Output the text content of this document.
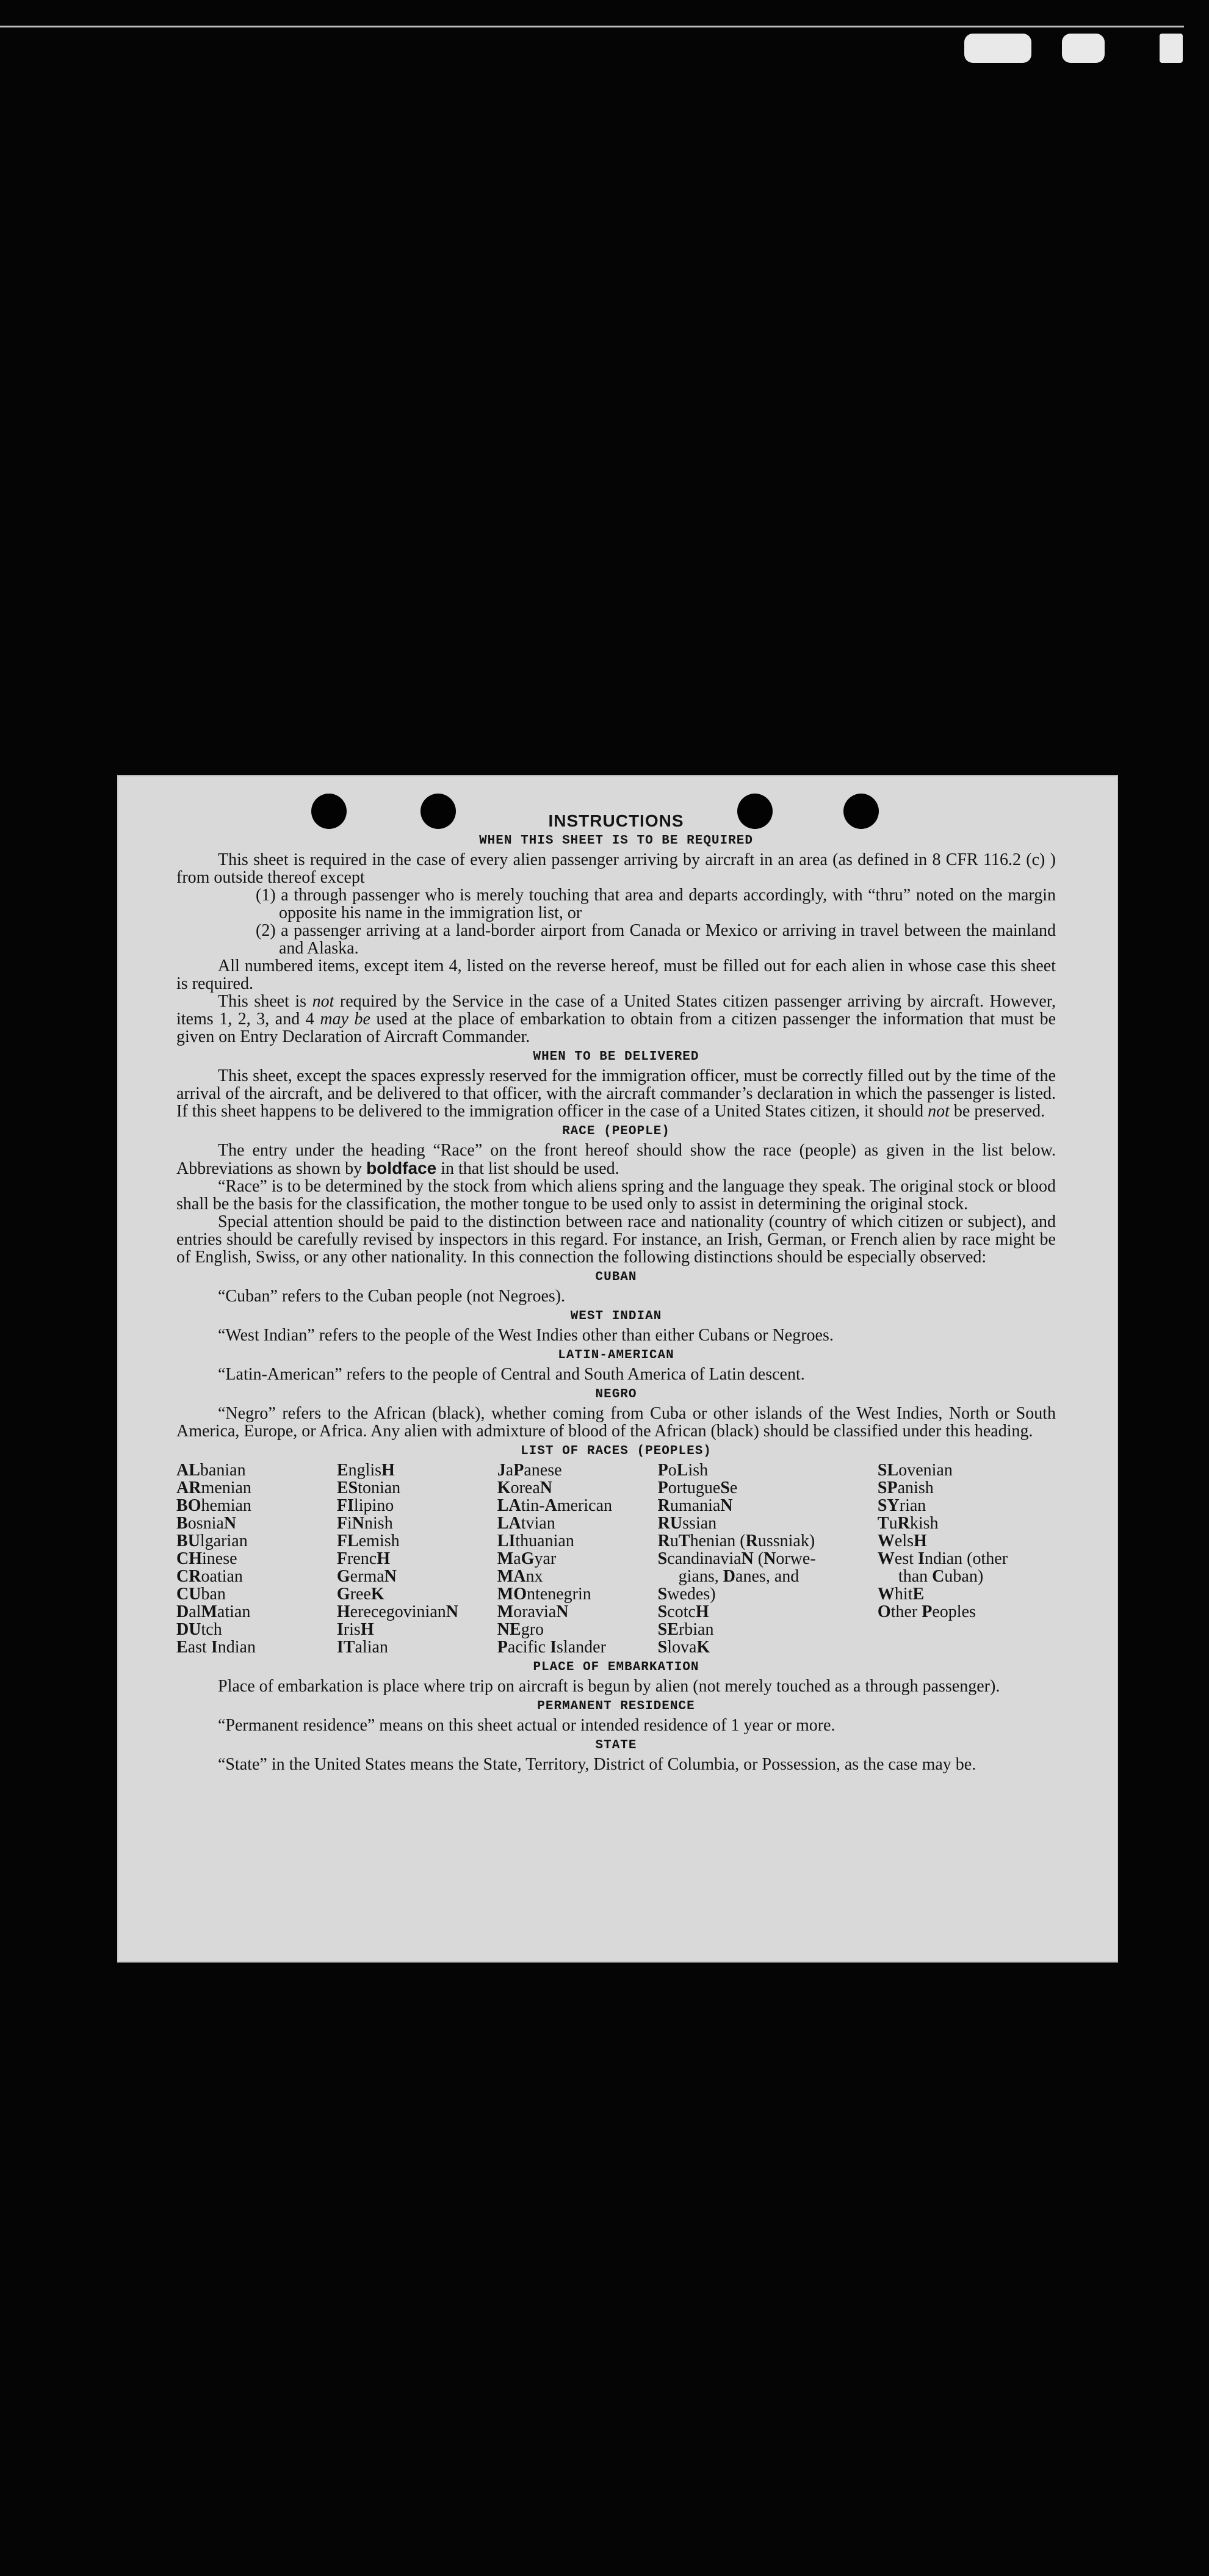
INSTRUCTIONS
WHEN THIS SHEET IS TO BE REQUIRED

This sheet is required in the case of every alien passenger arriving by aircraft in an area (as defined in 8 CFR 116.2 (c) ) from outside thereof except

(1) a through passenger who is merely touching that area and departs accordingly, with “thru” noted on the margin opposite his name in the immigration list, or

(2) a passenger arriving at a land-border airport from Canada or Mexico or arriving in travel between the mainland and Alaska.

All numbered items, except item 4, listed on the reverse hereof, must be filled out for each alien in whose case this sheet is required.

This sheet is not required by the Service in the case of a United States citizen passenger arriving by aircraft. However, items 1, 2, 3, and 4 may be used at the place of embarkation to obtain from a citizen passenger the information that must be given on Entry Declaration of Aircraft Commander.

WHEN TO BE DELIVERED

This sheet, except the spaces expressly reserved for the immigration officer, must be correctly filled out by the time of the arrival of the aircraft, and be delivered to that officer, with the aircraft commander’s declaration in which the passenger is listed. If this sheet happens to be delivered to the immigration officer in the case of a United States citizen, it should not be preserved.

RACE (PEOPLE)

The entry under the heading “Race” on the front hereof should show the race (people) as given in the list below. Abbreviations as shown by boldface in that list should be used.

“Race” is to be determined by the stock from which aliens spring and the language they speak. The original stock or blood shall be the basis for the classification, the mother tongue to be used only to assist in determining the original stock.

Special attention should be paid to the distinction between race and nationality (country of which citizen or subject), and entries should be carefully revised by inspectors in this regard. For instance, an Irish, German, or French alien by race might be of English, Swiss, or any other nationality. In this connection the following distinctions should be especially observed:

CUBAN

“Cuban” refers to the Cuban people (not Negroes).

WEST INDIAN

“West Indian” refers to the people of the West Indies other than either Cubans or Negroes.

LATIN-AMERICAN

“Latin-American” refers to the people of Central and South America of Latin descent.

NEGRO

“Negro” refers to the African (black), whether coming from Cuba or other islands of the West Indies, North or South America, Europe, or Africa. Any alien with admixture of blood of the African (black) should be classified under this heading.

LIST OF RACES (PEOPLES)
ALbanian
ARmenian
BOhemian
BosniaN
BUlgarian
CHinese
CRoatian
CUban
DalMatian
DUtch
East Indian
EnglisH
EStonian
FIlipino
FiNnish
FLemish
FrencH
GermaN
GreeK
HerecegovinianN
IrisH
ITalian
JaPanese
KoreaN
LAtin-American
LAtvian
LIthuanian
MaGyar
MAnx
MOntenegrin
MoraviaN
NEgro
Pacific Islander
PoLish
PortugueSe
RumaniaN
RUssian
RuThenian (Russniak)
ScandinaviaN (Norwe-
gians, Danes, and
Swedes)
ScotcH
SErbian
SlovaK
SLovenian
SPanish
SYrian
TuRkish
WelsH
West Indian (other
than Cuban)
WhitE
Other Peoples
PLACE OF EMBARKATION

Place of embarkation is place where trip on aircraft is begun by alien (not merely touched as a through passenger).

PERMANENT RESIDENCE

“Permanent residence” means on this sheet actual or intended residence of 1 year or more.

STATE

“State” in the United States means the State, Territory, District of Columbia, or Possession, as the case may be.
